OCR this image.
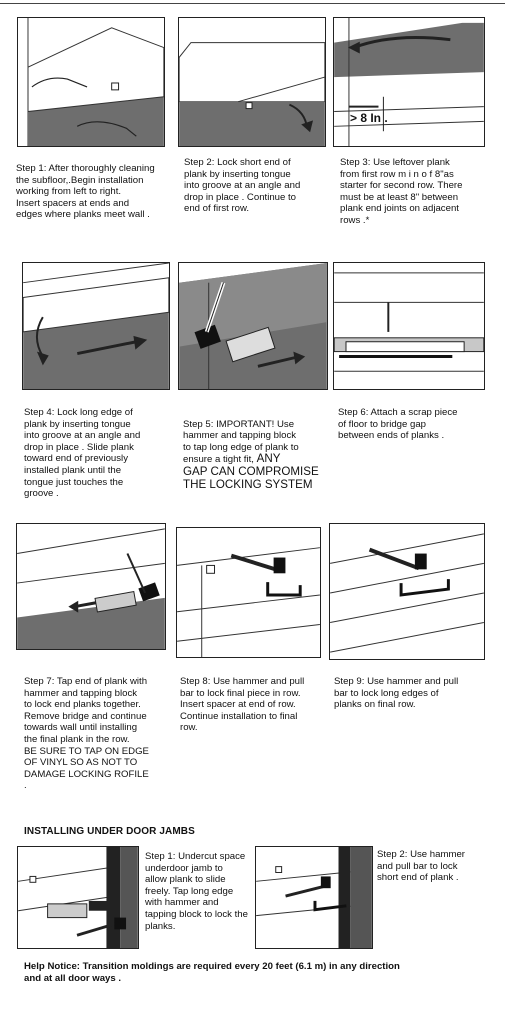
> 8 In .
Step 1: After thoroughly cleaning
the subfloor,.Begin installation
working from left to right.
Insert spacers at ends and
edges where planks meet wall .
Step 2: Lock short end of
plank by inserting tongue
into groove at an angle and
drop in place . Continue to
end of first row.
Step 3: Use leftover plank
from first row m i n o f 8"as
starter for second row. There
must be at least 8" between
plank end joints on adjacent
rows .*
Step 4: Lock long edge of
plank by inserting tongue
into groove at an angle and
drop in place . Slide plank
toward end of previously
installed plank until the
tongue just touches the
groove .

Step 5: IMPORTANT! Use
hammer and tapping block
to tap long edge of plank to
ensure a tight fit, ANY
GAP CAN COMPROMISE
THE LOCKING SYSTEM

Step 6: Attach a scrap piece
of floor to bridge gap
between ends of planks .
Step 7: Tap end of plank with
hammer and tapping block
to lock end planks together.
Remove bridge and continue
towards wall until installing
the final plank in the row.
BE SURE TO TAP ON EDGE
OF VINYL SO AS NOT TO
DAMAGE LOCKING ROFILE
.
Step 8: Use hammer and pull
bar to lock final piece in row.
Insert spacer at end of row.
Continue installation to final
row.
Step 9: Use hammer and pull
bar to lock long edges of
planks on final row.
INSTALLING UNDER DOOR JAMBS
Step 1: Undercut space
underdoor jamb to
allow plank to slide
freely. Tap long edge
with hammer and
tapping block to lock the
planks.
Step 2: Use hammer
and pull bar to lock
short end of plank .
Help Notice: Transition moldings are required every 20 feet (6.1 m) in any direction
and at all door ways .
